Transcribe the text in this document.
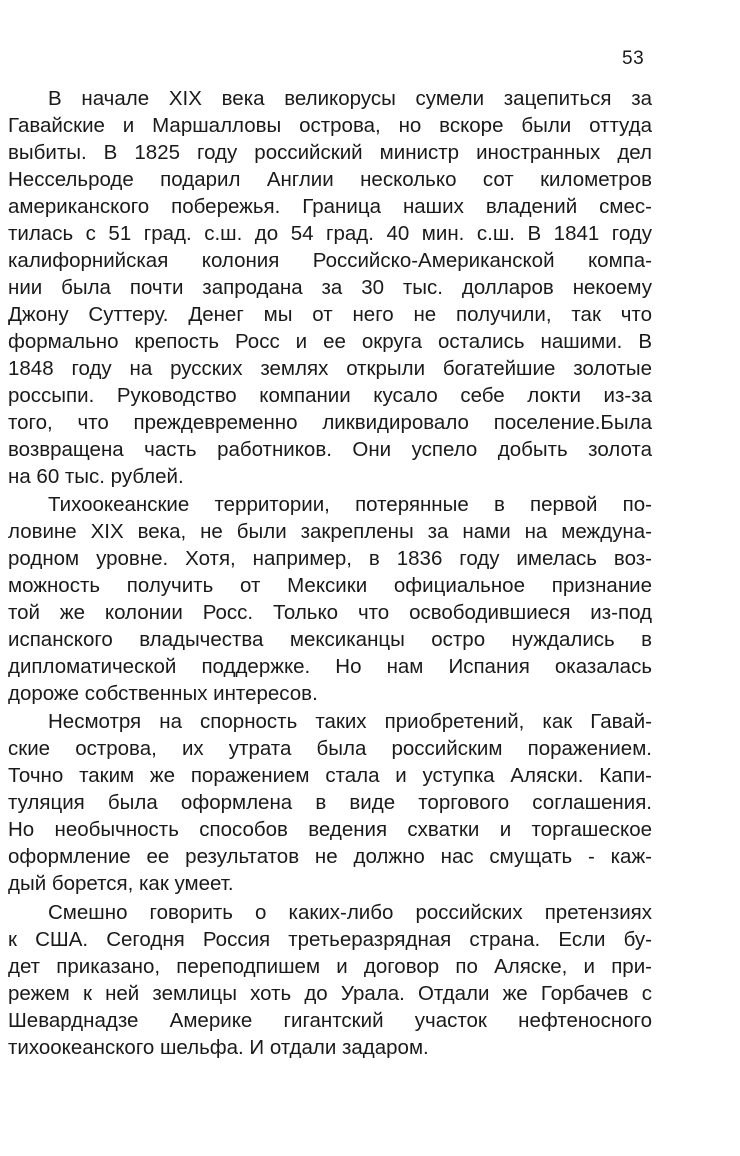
53
В начале XIX века великорусы сумели зацепиться за
Гавайские и Маршалловы острова, но вскоре были оттуда
выбиты. В 1825 году российский министр иностранных дел
Нессельроде подарил Англии несколько сот километров
американского побережья. Граница наших владений смес-
тилась с 51 град. с.ш. до 54 град. 40 мин. с.ш. В 1841 году
калифорнийская колония Российско-Американской компа-
нии была почти запродана за 30 тыс. долларов некоему
Джону Суттеру. Денег мы от него не получили, так что
формально крепость Росс и ее округа остались нашими. В
1848 году на русских землях открыли богатейшие золотые
россыпи. Руководство компании кусало себе локти из-за
того, что преждевременно ликвидировало поселение.Была
возвращена часть работников. Они успело добыть золота
на 60 тыс. рублей.
Тихоокеанские территории, потерянные в первой по-
ловине XIX века, не были закреплены за нами на междуна-
родном уровне. Хотя, например, в 1836 году имелась воз-
можность получить от Мексики официальное признание
той же колонии Росс. Только что освободившиеся из-под
испанского владычества мексиканцы остро нуждались в
дипломатической поддержке. Но нам Испания оказалась
дороже собственных интересов.
Несмотря на спорность таких приобретений, как Гавай-
ские острова, их утрата была российским поражением.
Точно таким же поражением стала и уступка Аляски. Капи-
туляция была оформлена в виде торгового соглашения.
Но необычность способов ведения схватки и торгашеское
оформление ее результатов не должно нас смущать - каж-
дый борется, как умеет.
Смешно говорить о каких-либо российских претензиях
к США. Сегодня Россия третьеразрядная страна. Если бу-
дет приказано, переподпишем и договор по Аляске, и при-
режем к ней землицы хоть до Урала. Отдали же Горбачев с
Шеварднадзе Америке гигантский участок нефтеносного
тихоокеанского шельфа. И отдали задаром.
